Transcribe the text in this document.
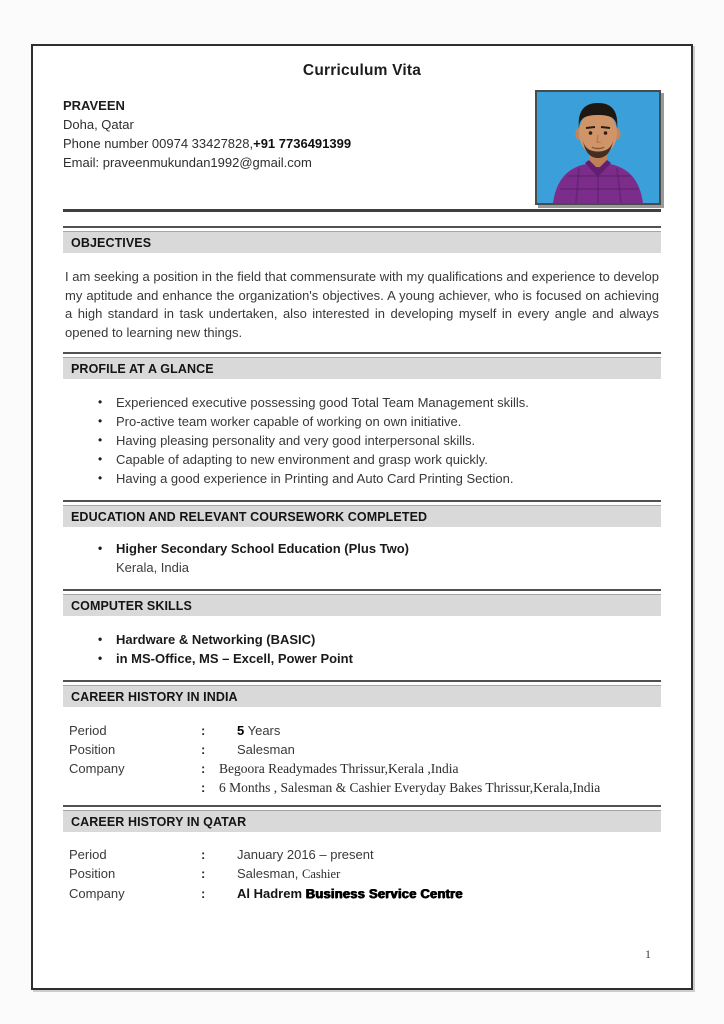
Curriculum Vita
PRAVEEN
Doha, Qatar
Phone number 00974 33427828,+91 7736491399
Email: praveenmukundan1992@gmail.com
OBJECTIVES
I am seeking a position in the field that commensurate with my qualifications and experience to develop my aptitude and enhance the organization's objectives. A young achiever, who is focused on achieving a high standard in task undertaken, also interested in developing myself in every angle and always opened to learning new things.
PROFILE AT A GLANCE
• Experienced executive possessing good Total Team Management skills.
• Pro-active team worker capable of working on own initiative.
• Having pleasing personality and very good interpersonal skills.
• Capable of adapting to new environment and grasp work quickly.
• Having a good experience in Printing and Auto Card Printing Section.
EDUCATION AND RELEVANT COURSEWORK COMPLETED
• Higher Secondary School Education (Plus Two)
Kerala, India
COMPUTER SKILLS
• Hardware & Networking (BASIC)
• in MS-Office, MS – Excell, Power Point
CAREER HISTORY IN INDIA
Period	:	5 Years
Position	:	Salesman
Company	:	Begoora Readymades Thrissur,Kerala ,India
:	6 Months , Salesman & Cashier Everyday Bakes Thrissur,Kerala,India
CAREER HISTORY IN QATAR
Period	:	January 2016 – present
Position	:	Salesman, Cashier
Company	:	Al Hadrem Business Service Centre
1
